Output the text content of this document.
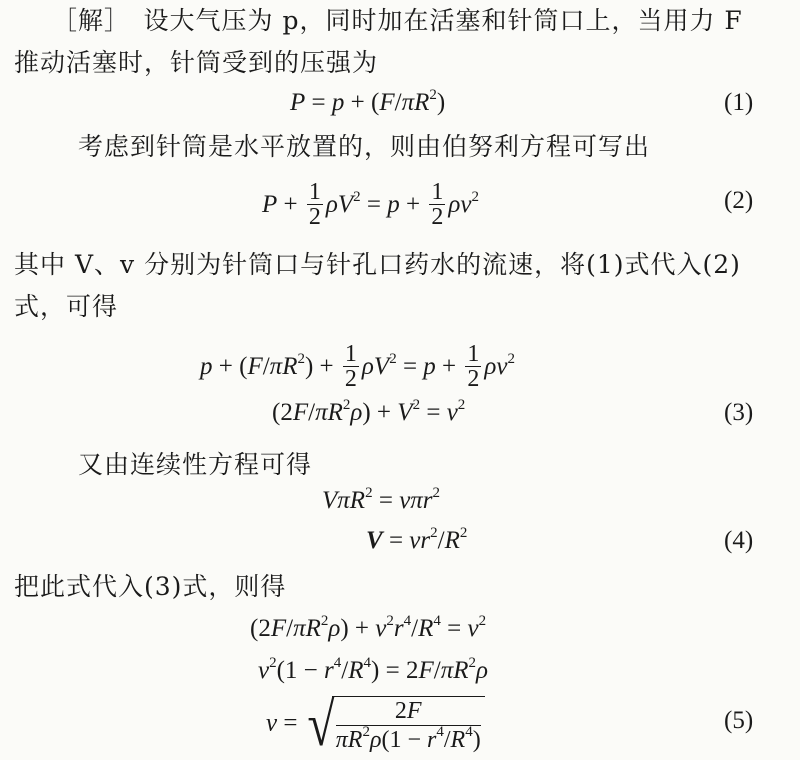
［解］　设大气压为 p，同时加在活塞和针筒口上，当用力 F
推动活塞时，针筒受到的压强为
$P = p + (F/\pi R^2)$	(1)
考虑到针筒是水平放置的，则由伯努利方程可写出
$P + \frac{1}{2} \rho V^2 = p + \frac{1}{2} \rho v^2$	(2)
其中 V、v 分别为针筒口与针孔口药水的流速，将(1)式代入(2)
式，可得
$p + (F/\pi R^2) + \frac{1}{2} \rho V^2 = p + \frac{1}{2} \rho v^2$
$(2F/\pi R^2\rho) + V^2 = v^2$	(3)
又由连续性方程可得
VπR$^2$ = vπr$^2$
$V = vr^2/R^2$	(4)
把此式代入(3)式，则得
$(2F/\pi R^2\rho) + v^2r^4/R^4 = v^2$
$v^2(1 - r^4/R^4) = 2F/\pi R^2\rho$
v = √
$\frac{2F}{\pi R^2\rho(1 - r^4/R^4)}$	(5)
